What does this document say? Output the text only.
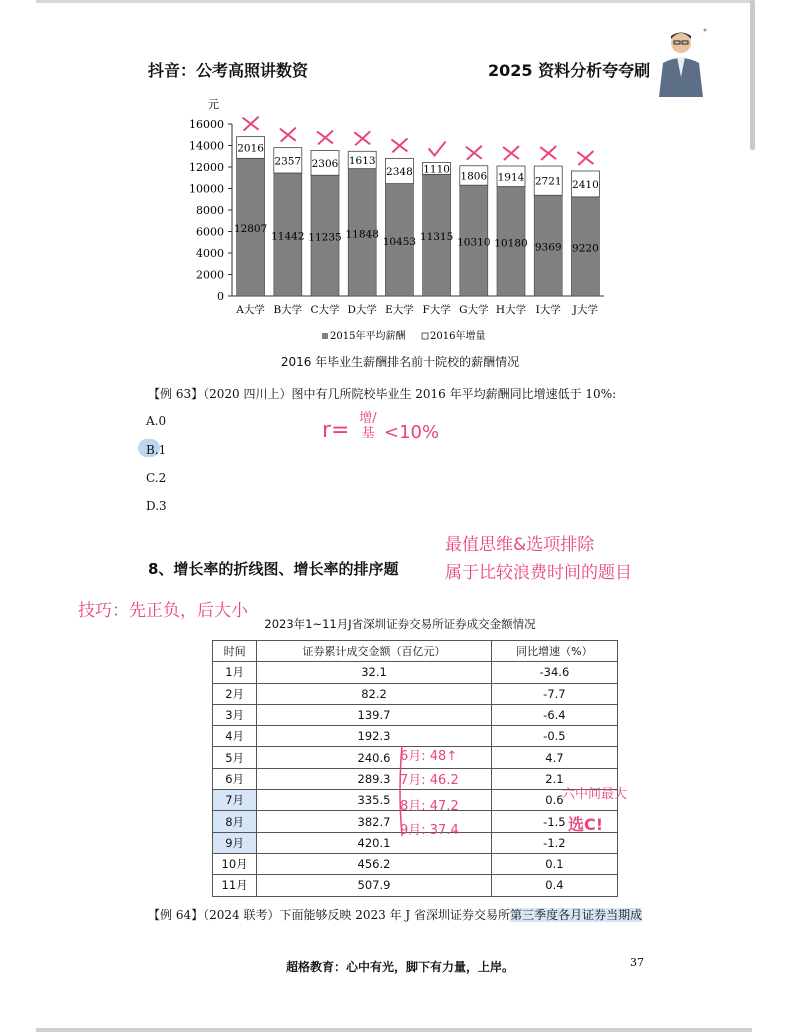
抖音：公考高照讲数资	2025 资料分析夸夸刷
0
2000
4000
6000
8000
10000
12000
14000
16000
元
12807
2016
A大学
11442
2357
B大学
11235
2306
C大学
11848
1613
D大学
10453
2348
E大学
11315
1110
F大学
10310
1806
G大学
10180
1914
H大学
9369
2721
I大学
9220
2410
J大学
2015年平均薪酬 2016年增量
2016 年毕业生薪酬排名前十院校的薪酬情况
【例 63】（2020 四川上）图中有几所院校毕业生 2016 年平均薪酬同比增速低于 10%:
A.0
B.1
C.2
D.3
r= 增/基 <10%
8、增长率的折线图、增长率的排序题
最值思维&选项排除
属于比较浪费时间的题目
技巧：先正负，后大小
2023年1~11月J省深圳证券交易所证券成交金额情况
时间	证券累计成交金额（百亿元）	同比增速（%）
1月	32.1	-34.6
2月	82.2	-7.7
3月	139.7	-6.4
4月	192.3	-0.5
5月	240.6	4.7
6月	289.3	2.1
7月	335.5	0.6
8月	382.7	-1.5
9月	420.1	-1.2
10月	456.2	0.1
11月	507.9	0.4
6月: 48↑
7月: 46.2
8月: 47.2
9月: 37.4
六中间最大
选C!
【例 64】（2024 联考）下面能够反映 2023 年 J 省深圳证券交易所第三季度各月证券当期成
超格教育：心中有光，脚下有力量，上岸。	37
